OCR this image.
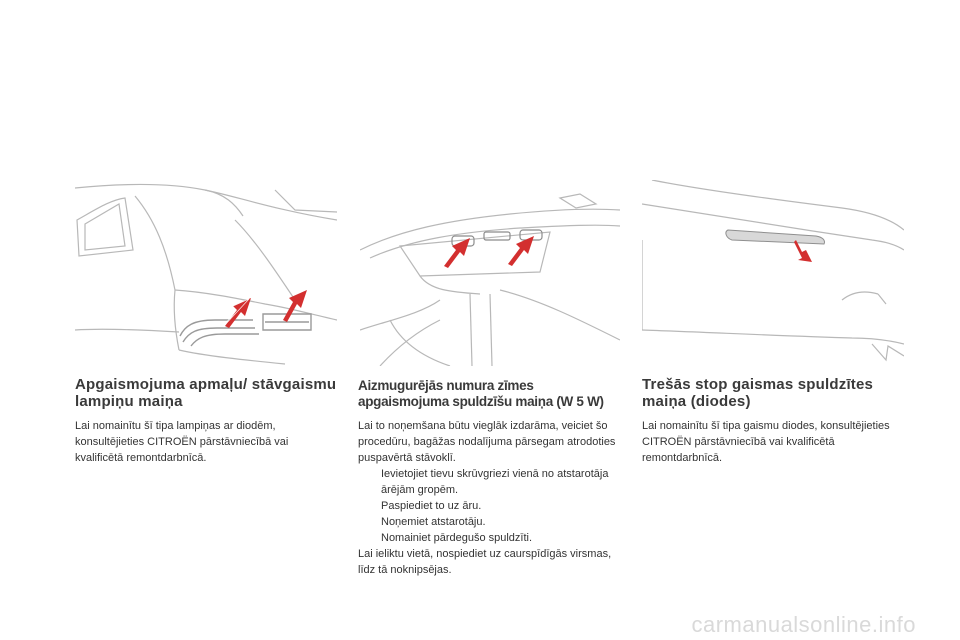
Apgaismojuma apmaļu/ stāvgaismu lampiņu maiņa

Lai nomainītu šī tipa lampiņas ar diodēm, konsultējieties CITROËN pārstāvniecībā vai kvalificētā remontdarbnīcā.

Aizmugurējās numura zīmes apgaismojuma spuldzīšu maiņa (W 5 W)

Lai to noņemšana būtu vieglāk izdarāma, veiciet šo procedūru, bagāžas nodalījuma pārsegam atrodoties puspavērtā stāvoklī.

Ievietojiet tievu skrūvgriezi vienā no atstarotāja ārējām gropēm.
Paspiediet to uz āru.
Noņemiet atstarotāju.
Nomainiet pārdegušo spuldzīti.

Lai ieliktu vietā, nospiediet uz caurspīdīgās virsmas, līdz tā noknipsējas.

Trešās stop gaismas spuldzītes maiņa (diodes)

Lai nomainītu šī tipa gaismu diodes, konsultējieties CITROËN pārstāvniecībā vai kvalificētā remontdarbnīcā.

carmanualsonline.info
